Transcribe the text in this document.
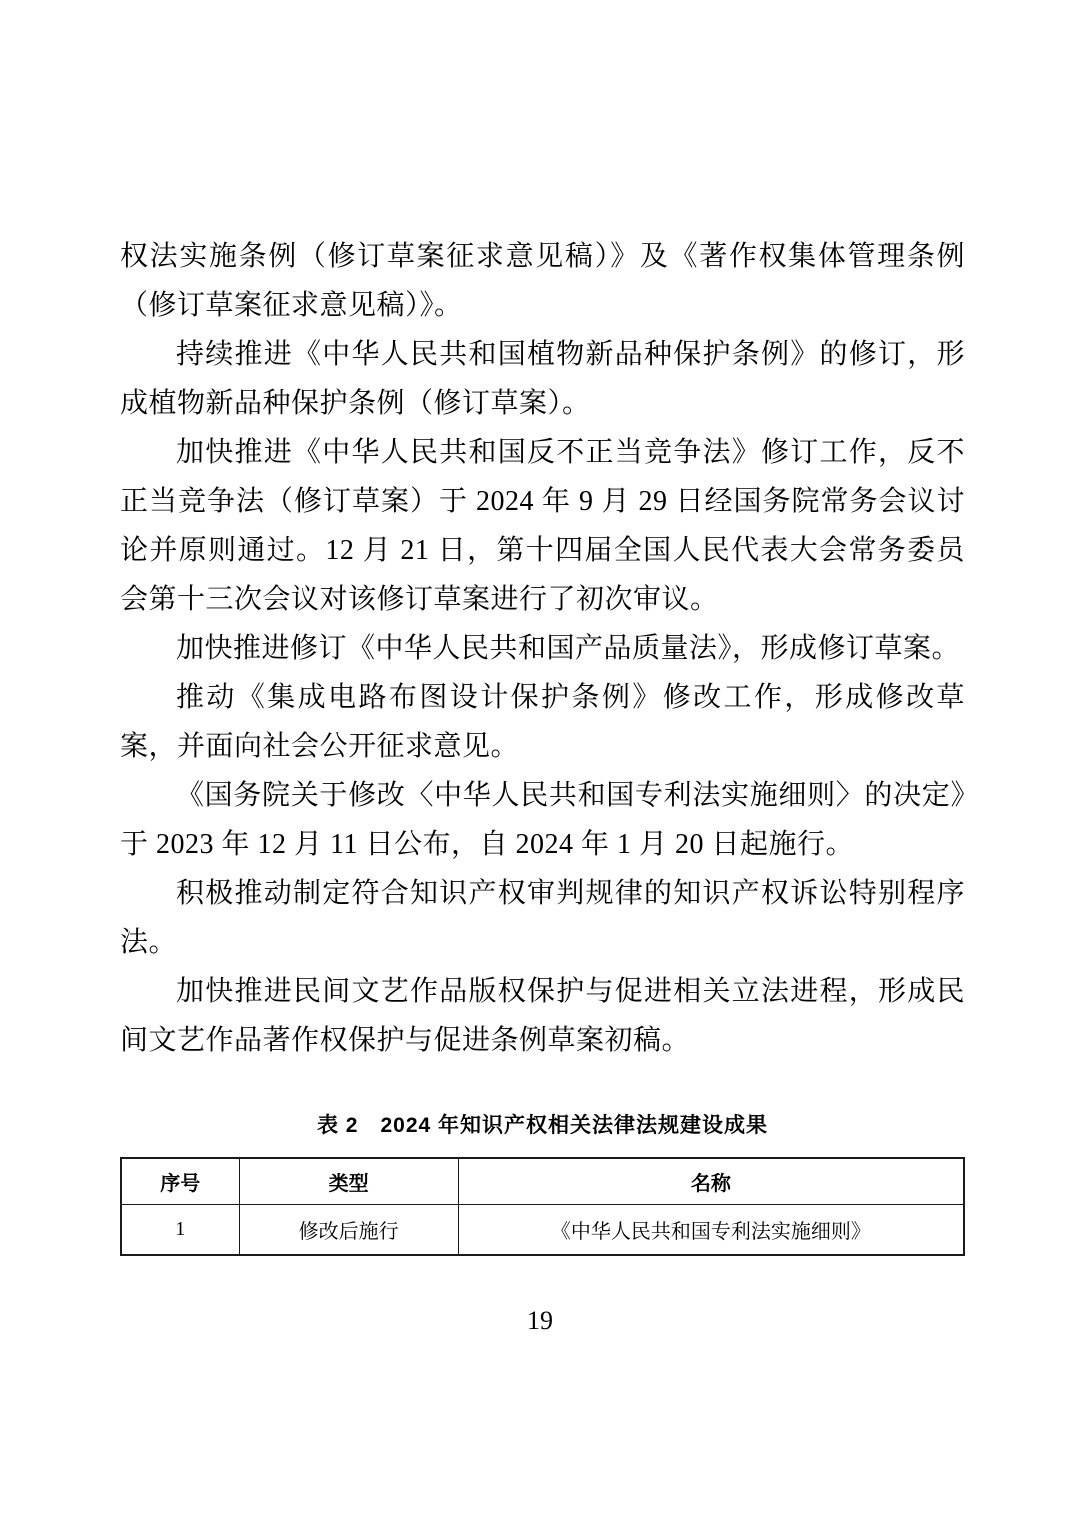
权法实施条例（修订草案征求意见稿）》及《著作权集体管理条例（修订草案征求意见稿）》。

持续推进《中华人民共和国植物新品种保护条例》的修订，形成植物新品种保护条例（修订草案）。

加快推进《中华人民共和国反不正当竞争法》修订工作，反不正当竞争法（修订草案）于 2024 年 9 月 29 日经国务院常务会议讨论并原则通过。12 月 21 日，第十四届全国人民代表大会常务委员会第十三次会议对该修订草案进行了初次审议。

加快推进修订《中华人民共和国产品质量法》，形成修订草案。

推动《集成电路布图设计保护条例》修改工作，形成修改草案，并面向社会公开征求意见。

《国务院关于修改〈中华人民共和国专利法实施细则〉的决定》于 2023 年 12 月 11 日公布，自 2024 年 1 月 20 日起施行。

积极推动制定符合知识产权审判规律的知识产权诉讼特别程序法。

加快推进民间文艺作品版权保护与促进相关立法进程，形成民间文艺作品著作权保护与促进条例草案初稿。

表 2　2024 年知识产权相关法律法规建设成果
序号	类型	名称
1	修改后施行	《中华人民共和国专利法实施细则》
19
